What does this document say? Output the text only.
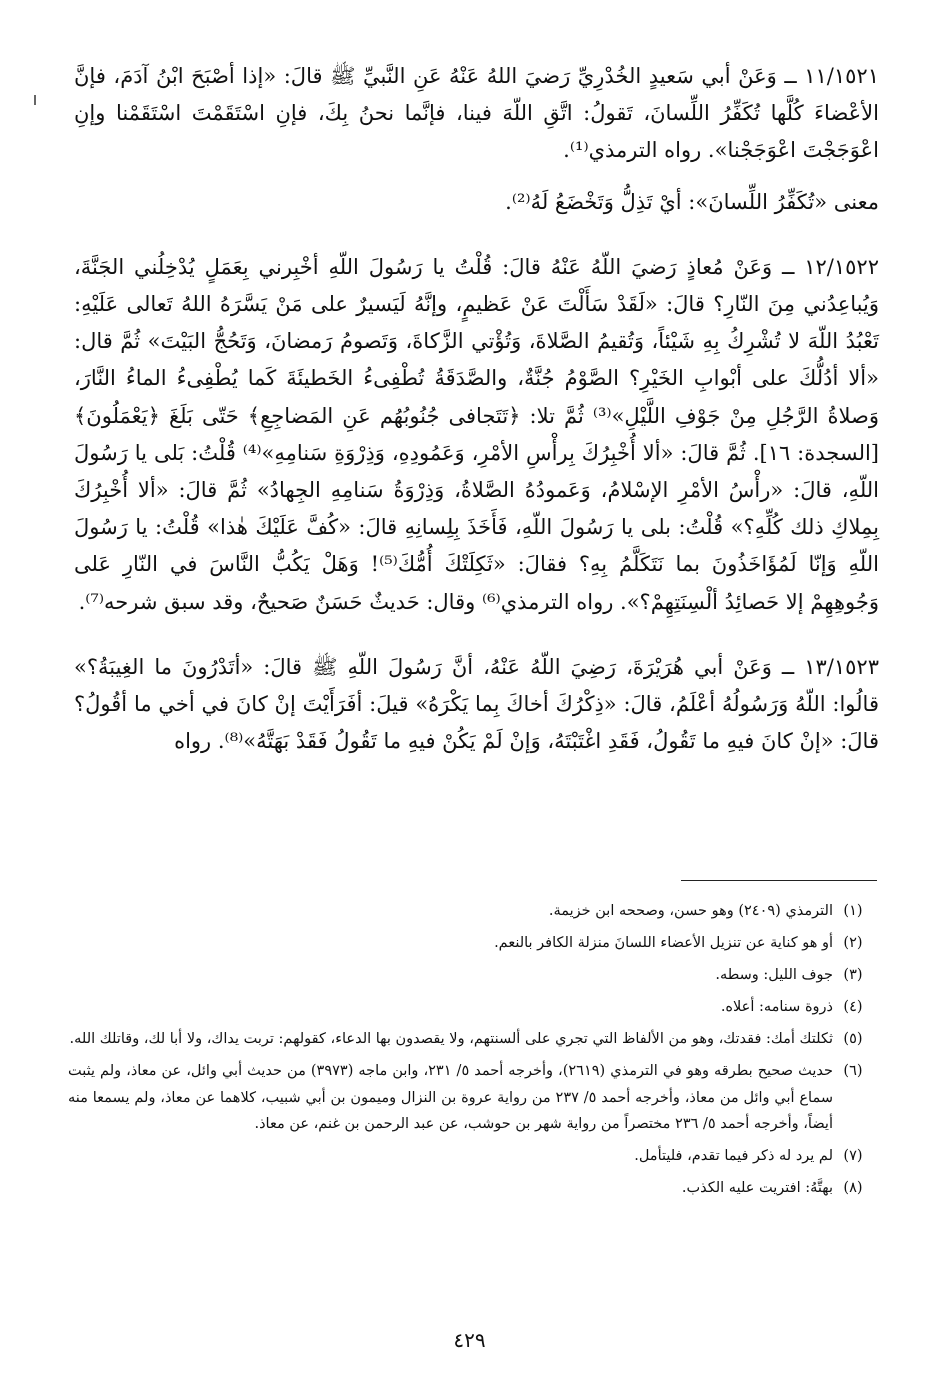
١١/١٥٢١ ــ وَعَنْ أبي سَعيدٍ الخُدْرِيِّ رَضيَ اللهُ عَنْهُ عَنِ النَّبيِّ ﷺ قالَ: «إذا أصْبَحَ ابْنُ آدَمَ، فإنَّ الأعْضاءَ كُلَّها تُكَفِّرُ اللِّسانَ، تَقولُ: اتَّقِ اللّهَ فينا، فإنَّما نحنُ بِكَ، فإنِ اسْتَقَمْتَ اسْتَقَمْنا وإنِ اعْوَجَجْتَ اعْوَجَجْنا». رواه الترمذي⁽¹⁾.

معنى «تُكَفِّرُ اللِّسانَ»: أيْ تَذِلُّ وَتَخْضَعُ لَهُ⁽²⁾.

١٢/١٥٢٢ ــ وَعَنْ مُعاذٍ رَضيَ اللّهُ عَنْهُ قالَ: قُلْتُ يا رَسُولَ اللّهِ أخْبِرني بِعَمَلٍ يُدْخِلُني الجَنَّةَ، وَيُباعِدُني مِنَ النّارِ؟ قالَ: «لَقَدْ سَأَلْتَ عَنْ عَظيمٍ، وإنَّهُ لَيَسيرٌ على مَنْ يَسَّرَهُ اللهُ تَعالى عَلَيْهِ: تَعْبُدُ اللّهَ لا تُشْرِكُ بِهِ شَيْئاً، وَتُقيمُ الصَّلاةَ، وَتُؤْتي الزَّكاةَ، وَتَصومُ رَمضانَ، وَتَحُجُّ البَيْتَ» ثُمَّ قال: «ألا أدُلُّكَ على أبْوابِ الخَيْرِ؟ الصَّوْمُ جُنَّةٌ، والصَّدَقَةُ تُطْفِىءُ الخَطيئَةَ كَما يُطْفِىءُ الماءُ النَّارَ، وَصلاةُ الرَّجُلِ مِنْ جَوْفِ اللَّيْلِ»⁽³⁾ ثُمَّ تلا: ﴿تَتَجافى جُنُوبُهُم عَنِ المَضاجِعِ﴾ حَتّى بَلَغَ ﴿يَعْمَلُونَ﴾ [السجدة: ١٦]. ثُمَّ قالَ: «ألا أُخْبِرُكَ بِرأْسِ الأمْرِ، وَعَمُودِهِ، وَذِرْوَةِ سَنامِهِ»⁽⁴⁾ قُلْتُ: بَلى يا رَسُولَ اللّهِ، قالَ: «رأْسُ الأمْرِ الإسْلامُ، وَعَمودُهُ الصَّلاةُ، وَذِرْوَةُ سَنامِهِ الجِهادُ» ثُمَّ قالَ: «ألا أُخْبِرُكَ بِمِلاكِ ذلك كُلِّهِ؟» قُلْتُ: بلى يا رَسُولَ اللّهِ، فَأَخَذَ بِلِسانِهِ قالَ: «كُفَّ عَلَيْكَ هٰذا» قُلْتُ: يا رَسُولَ اللّهِ وَإنّا لَمُؤَاخَذُونَ بما نَتَكَلَّمُ بِهِ؟ فقالَ: «ثَكِلَتْكَ أُمُّكَ⁽⁵⁾! وَهَلْ يَكُبُّ النَّاسَ في النّارِ عَلى وَجُوهِهِمْ إلا حَصائِدُ ألْسِنَتِهِمْ؟». رواه الترمذي⁽⁶⁾ وقال: حَديثٌ حَسَنٌ صَحيحٌ، وقد سبق شرحه⁽⁷⁾.

١٣/١٥٢٣ ــ وَعَنْ أبي هُرَيْرَةَ، رَضِيَ اللّهُ عَنْهُ، أنَّ رَسُولَ اللّهِ ﷺ قالَ: «أتَدْرُونَ ما الغِيبَةُ؟» قالُوا: اللّهُ وَرَسُولُهُ أعْلَمُ، قالَ: «ذِكْرُكَ أخاكَ بِما يَكْرَهُ» قيلَ: أفَرَأَيْتَ إنْ كانَ في أخي ما أقُولُ؟ قالَ: «إنْ كانَ فيهِ ما تَقُولُ، فَقَدِ اغْتَبْتَهُ، وَإنْ لَمْ يَكُنْ فيهِ ما تَقُولُ فَقَدْ بَهَتَّهُ»⁽⁸⁾. رواه

(١)
الترمذي (٢٤٠٩) وهو حسن، وصححه ابن خزيمة.
(٢)
أو هو كناية عن تنزيل الأعضاء اللسانَ منزلة الكافر بالنعم.
(٣)
جوف الليل: وسطه.
(٤)
ذروة سنامه: أعلاه.
(٥)
ثكلتك أمك: فقدتك، وهو من الألفاظ التي تجري على ألسنتهم، ولا يقصدون بها الدعاء، كقولهم: تربت يداك، ولا أبا لك، وقاتلك الله.
(٦)
حديث صحيح بطرقه وهو في الترمذي (٢٦١٩)، وأخرجه أحمد ٥/ ٢٣١، وابن ماجه (٣٩٧٣) من حديث أبي وائل، عن معاذ، ولم يثبت سماع أبي وائل من معاذ، وأخرجه أحمد ٥/ ٢٣٧ من رواية عروة بن النزال وميمون بن أبي شبيب، كلاهما عن معاذ، ولم يسمعا منه أيضاً، وأخرجه أحمد ٥/ ٢٣٦ مختصراً من رواية شهر بن حوشب، عن عبد الرحمن بن غنم، عن معاذ.
(٧)
لم يرد له ذكر فيما تقدم، فليتأمل.
(٨)
بهتَّهُ: افتريت عليه الكذب.
٤٢٩
